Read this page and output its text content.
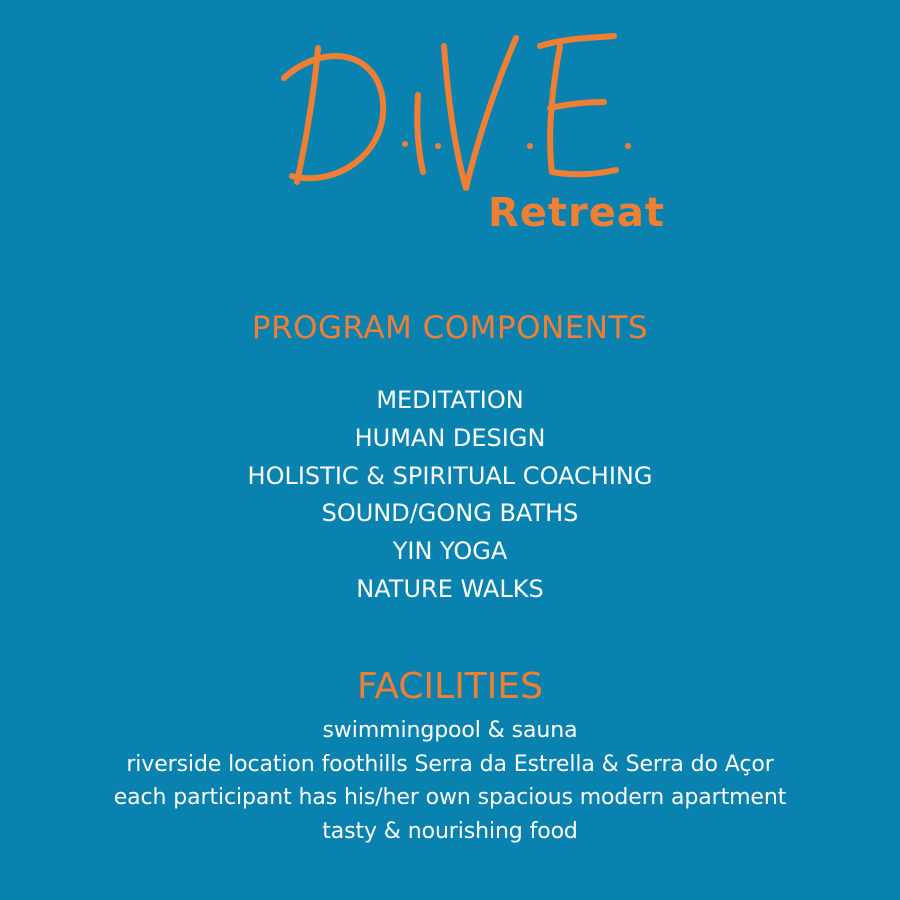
Retreat
PROGRAM COMPONENTS
MEDITATION
HUMAN DESIGN
HOLISTIC & SPIRITUAL COACHING
SOUND/GONG BATHS
YIN YOGA
NATURE WALKS
FACILITIES
swimmingpool & sauna
riverside location foothills Serra da Estrella & Serra do Açor
each participant has his/her own spacious modern apartment
tasty & nourishing food
